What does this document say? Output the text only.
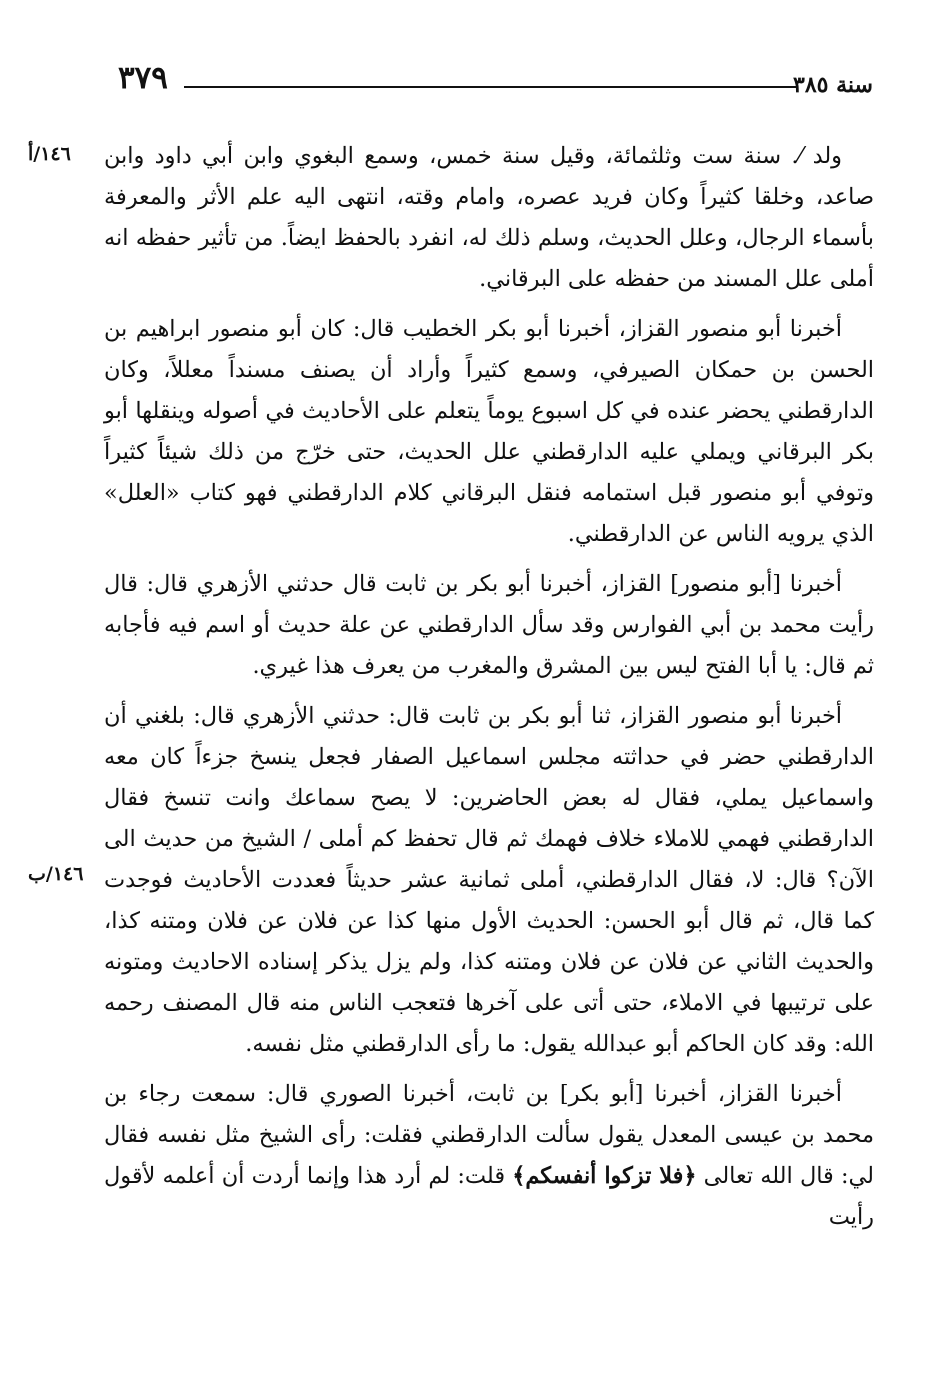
٣٧٩	سنة ٣٨٥
١٤٦/أ
١٤٦/ب

ولد ⁄. سنة ست وثلثمائة، وقيل سنة خمس، وسمع البغوي وابن أبي داود وابن صاعد، وخلقا كثيراً وكان فريد عصره، وامام وقته، انتهى اليه علم الأثر والمعرفة بأسماء الرجال، وعلل الحديث، وسلم ذلك له، انفرد بالحفظ ايضاً. من تأثير حفظه انه أملى علل المسند من حفظه على البرقاني.

أخبرنا أبو منصور القزاز، أخبرنا أبو بكر الخطيب قال: كان أبو منصور ابراهيم بن الحسن بن حمكان الصيرفي، وسمع كثيراً وأراد أن يصنف مسنداً معللاً، وكان الدارقطني يحضر عنده في كل اسبوع يوماً يتعلم على الأحاديث في أصوله وينقلها أبو بكر البرقاني ويملي عليه الدارقطني علل الحديث، حتى خرّج من ذلك شيئاً كثيراً وتوفي أبو منصور قبل استمامه فنقل البرقاني كلام الدارقطني فهو كتاب «العلل» الذي يرويه الناس عن الدارقطني.

أخبرنا [أبو منصور] القزاز، أخبرنا أبو بكر بن ثابت قال حدثني الأزهري قال: قال رأيت محمد بن أبي الفوارس وقد سأل الدارقطني عن علة حديث أو اسم فيه فأجابه ثم قال: يا أبا الفتح ليس بين المشرق والمغرب من يعرف هذا غيري.

أخبرنا أبو منصور القزاز، ثنا أبو بكر بن ثابت قال: حدثني الأزهري قال: بلغني أن الدارقطني حضر في حداثته مجلس اسماعيل الصفار فجعل ينسخ جزءاً كان معه واسماعيل يملي، فقال له بعض الحاضرين: لا يصح سماعك وانت تنسخ فقال الدارقطني فهمي للاملاء خلاف فهمك ثم قال تحفظ كم أملى / الشيخ من حديث الى الآن؟ قال: لا، فقال الدارقطني، أملى ثمانية عشر حديثاً فعددت الأحاديث فوجدت كما قال، ثم قال أبو الحسن: الحديث الأول منها كذا عن فلان عن فلان ومتنه كذا، والحديث الثاني عن فلان عن فلان ومتنه كذا، ولم يزل يذكر إسناده الاحاديث ومتونه على ترتيبها في الاملاء، حتى أتى على آخرها فتعجب الناس منه قال المصنف رحمه الله: وقد كان الحاكم أبو عبدالله يقول: ما رأى الدارقطني مثل نفسه.

أخبرنا القزاز، أخبرنا [أبو بكر] بن ثابت، أخبرنا الصوري قال: سمعت رجاء بن محمد بن عيسى المعدل يقول سألت الدارقطني فقلت: رأى الشيخ مثل نفسه فقال لي: قال الله تعالى ﴿فلا تزكوا أنفسكم﴾ قلت: لم أرد هذا وإنما أردت أن أعلمه لأقول رأيت
